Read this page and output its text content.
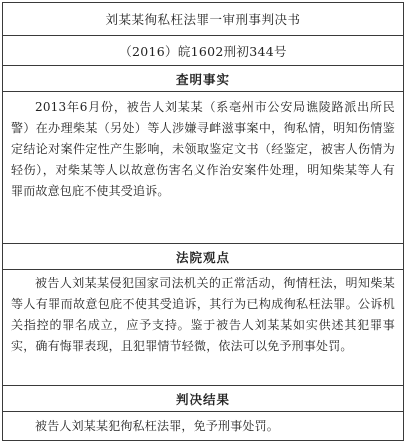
刘某某徇私枉法罪一审刑事判决书
（2016）皖1602刑初344号
查明事实

2013年6月份，被告人刘某某（系亳州市公安局谯陵路派出所民警）在办理柴某（另处）等人涉嫌寻衅滋事案中，徇私情，明知伤情鉴定结论对案件定性产生影响，未领取鉴定文书（经鉴定，被害人伤情为轻伤），对柴某等人以故意伤害名义作治安案件处理，明知柴某等人有罪而故意包庇不使其受追诉。

法院观点

被告人刘某某侵犯国家司法机关的正常活动，徇情枉法，明知柴某等人有罪而故意包庇不使其受追诉，其行为已构成徇私枉法罪。公诉机关指控的罪名成立，应予支持。鉴于被告人刘某某如实供述其犯罪事实，确有悔罪表现，且犯罪情节轻微，依法可以免予刑事处罚。

判决结果

被告人刘某某犯徇私枉法罪，免予刑事处罚。
